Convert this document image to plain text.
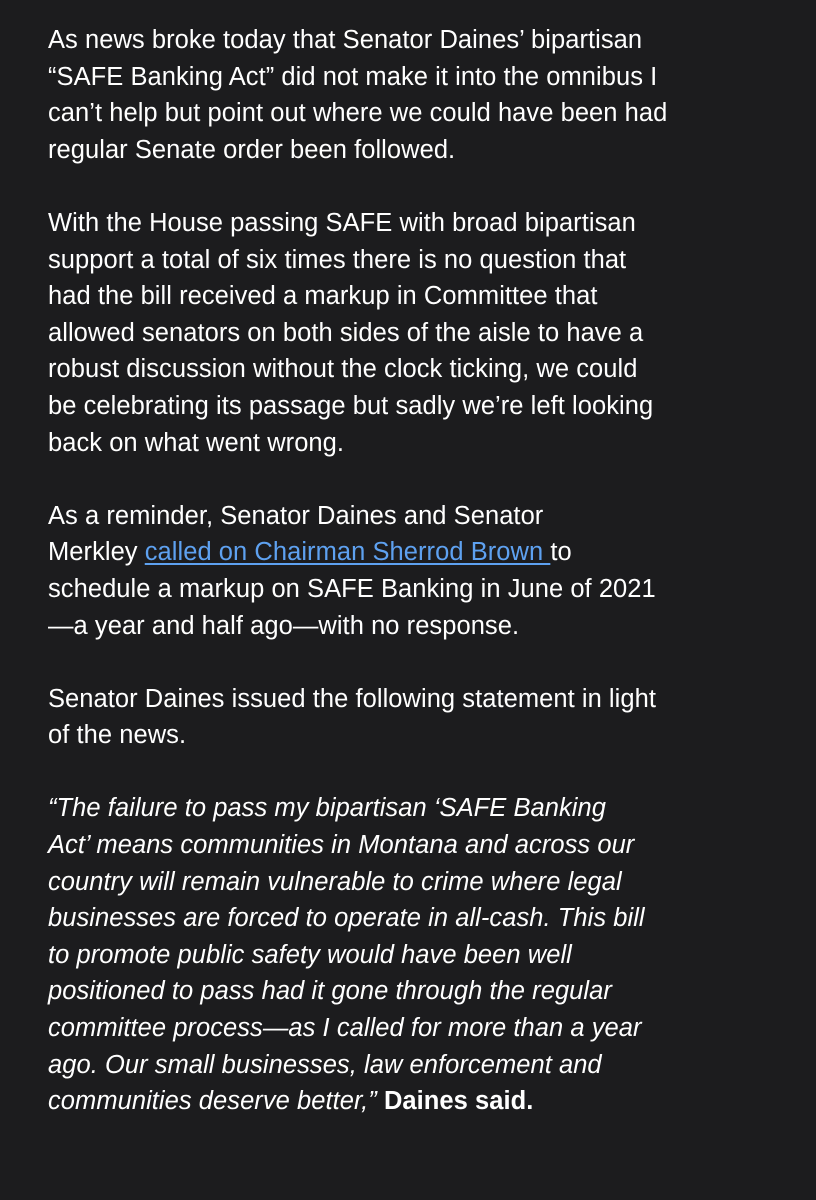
As news broke today that Senator Daines’ bipartisan
“SAFE Banking Act” did not make it into the omnibus I
can’t help but point out where we could have been had
regular Senate order been followed.

With the House passing SAFE with broad bipartisan
support a total of six times there is no question that
had the bill received a markup in Committee that
allowed senators on both sides of the aisle to have a
robust discussion without the clock ticking, we could
be celebrating its passage but sadly we’re left looking
back on what went wrong.

As a reminder, Senator Daines and Senator
Merkley called on Chairman Sherrod Brown to
schedule a markup on SAFE Banking in June of 2021
—a year and half ago—with no response.

Senator Daines issued the following statement in light
of the news.

“The failure to pass my bipartisan ‘SAFE Banking
Act’ means communities in Montana and across our
country will remain vulnerable to crime where legal
businesses are forced to operate in all-cash. This bill
to promote public safety would have been well
positioned to pass had it gone through the regular
committee process—as I called for more than a year
ago. Our small businesses, law enforcement and
communities deserve better,” Daines said.
